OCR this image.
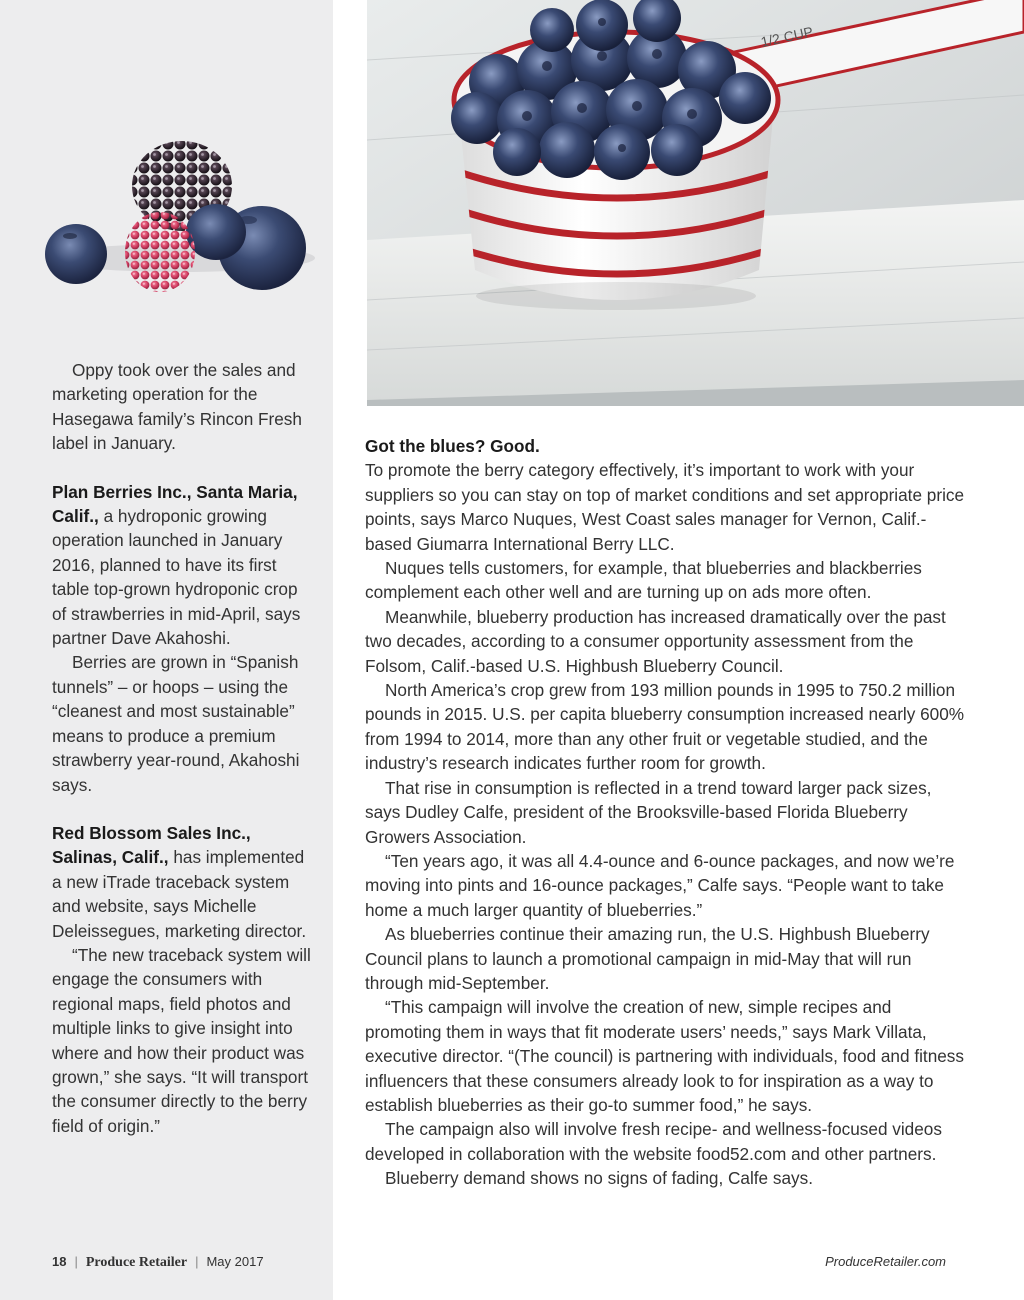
Oppy took over the sales and marketing operation for the Hasegawa family’s Rincon Fresh label in January.

Plan Berries Inc., Santa Maria, Calif., a hydroponic growing operation launched in January 2016, planned to have its first table top-grown hydroponic crop of strawberries in mid-April, says partner Dave Akahoshi.

Berries are grown in “Spanish tunnels” – or hoops – using the “cleanest and most sustainable” means to produce a premium strawberry year-round, Akahoshi says.

Red Blossom Sales Inc., Salinas, Calif., has implemented a new iTrade traceback system and website, says Michelle Deleissegues, marketing director.

“The new traceback system will engage the consumers with regional maps, field photos and multiple links to give insight into where and how their product was grown,” she says. “It will transport the consumer directly to the berry field of origin.”

1/2 CUP
Got the blues? Good.

To promote the berry category effectively, it’s important to work with your suppliers so you can stay on top of market conditions and set appropriate price points, says Marco Nuques, West Coast sales manager for Vernon, Calif.- based Giumarra International Berry LLC.

Nuques tells customers, for example, that blueberries and blackberries complement each other well and are turning up on ads more often.

Meanwhile, blueberry production has increased dramatically over the past two decades, according to a consumer opportunity assessment from the Folsom, Calif.-based U.S. Highbush Blueberry Council.

North America’s crop grew from 193 million pounds in 1995 to 750.2 million pounds in 2015. U.S. per capita blueberry consumption increased nearly 600% from 1994 to 2014, more than any other fruit or vegetable studied, and the industry’s research indicates further room for growth.

That rise in consumption is reflected in a trend toward larger pack sizes, says Dudley Calfe, president of the Brooksville-based Florida Blueberry Growers Association.

“Ten years ago, it was all 4.4-ounce and 6-ounce packages, and now we’re moving into pints and 16-ounce packages,” Calfe says. “People want to take home a much larger quantity of blueberries.”

As blueberries continue their amazing run, the U.S. Highbush Blueberry Council plans to launch a promotional campaign in mid-May that will run through mid-September.

“This campaign will involve the creation of new, simple recipes and promoting them in ways that fit moderate users’ needs,” says Mark Villata, executive director. “(The council) is partnering with individuals, food and fitness influencers that these consumers already look to for inspiration as a way to establish blueberries as their go-to summer food,” he says.

The campaign also will involve fresh recipe- and wellness-focused videos developed in collaboration with the website food52.com and other partners.

Blueberry demand shows no signs of fading, Calfe says.

18 | Produce Retailer | May 2017	ProduceRetailer.com
